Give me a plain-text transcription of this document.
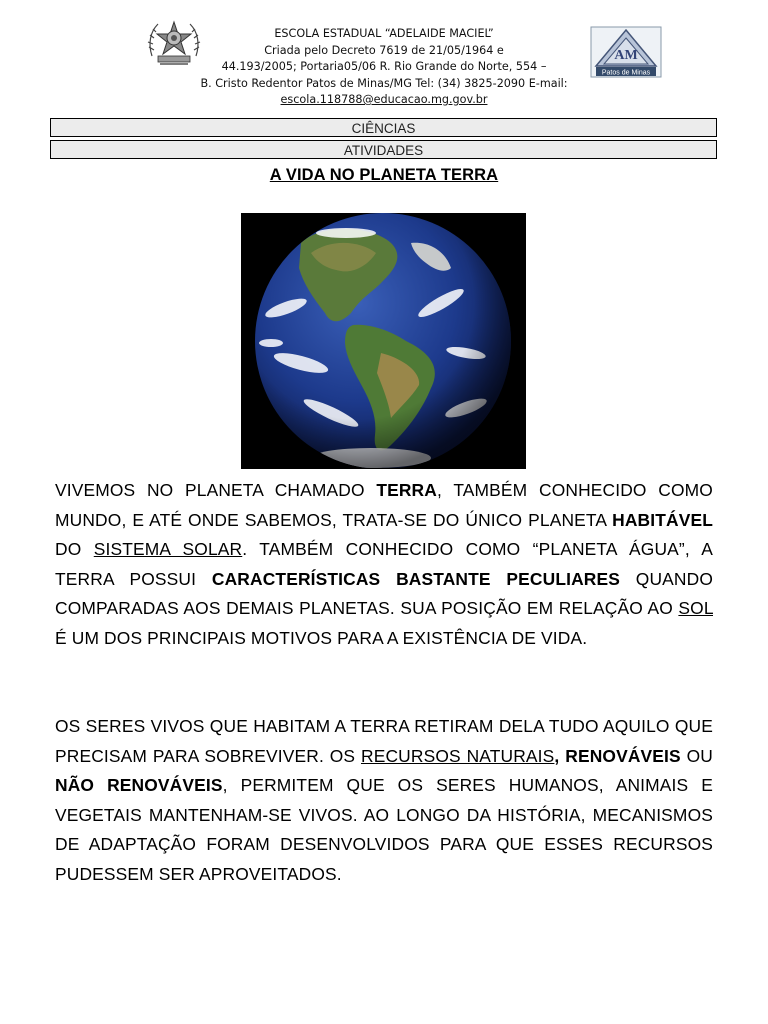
ESCOLA ESTADUAL “ADELAIDE MACIEL”
Criada pelo Decreto 7619 de 21/05/1964 e
44.193/2005; Portaria05/06 R. Rio Grande do Norte, 554 –
B. Cristo Redentor Patos de Minas/MG Tel: (34) 3825-2090 E-mail:
escola.118788@educacao.mg.gov.br
AM
Patos de Minas
CIÊNCIAS
ATIVIDADES
A VIDA NO PLANETA TERRA

VIVEMOS NO PLANETA CHAMADO TERRA, TAMBÉM CONHECIDO COMO MUNDO, E ATÉ ONDE SABEMOS, TRATA-SE DO ÚNICO PLANETA HABITÁVEL DO SISTEMA SOLAR. TAMBÉM CONHECIDO COMO “PLANETA ÁGUA”, A TERRA POSSUI CARACTERÍSTICAS BASTANTE PECULIARES QUANDO COMPARADAS AOS DEMAIS PLANETAS. SUA POSIÇÃO EM RELAÇÃO AO SOL É UM DOS PRINCIPAIS MOTIVOS PARA A EXISTÊNCIA DE VIDA.

OS SERES VIVOS QUE HABITAM A TERRA RETIRAM DELA TUDO AQUILO QUE PRECISAM PARA SOBREVIVER. OS RECURSOS NATURAIS, RENOVÁVEIS OU NÃO RENOVÁVEIS, PERMITEM QUE OS SERES HUMANOS, ANIMAIS E VEGETAIS MANTENHAM-SE VIVOS. AO LONGO DA HISTÓRIA, MECANISMOS DE ADAPTAÇÃO FORAM DESENVOLVIDOS PARA QUE ESSES RECURSOS PUDESSEM SER APROVEITADOS.
